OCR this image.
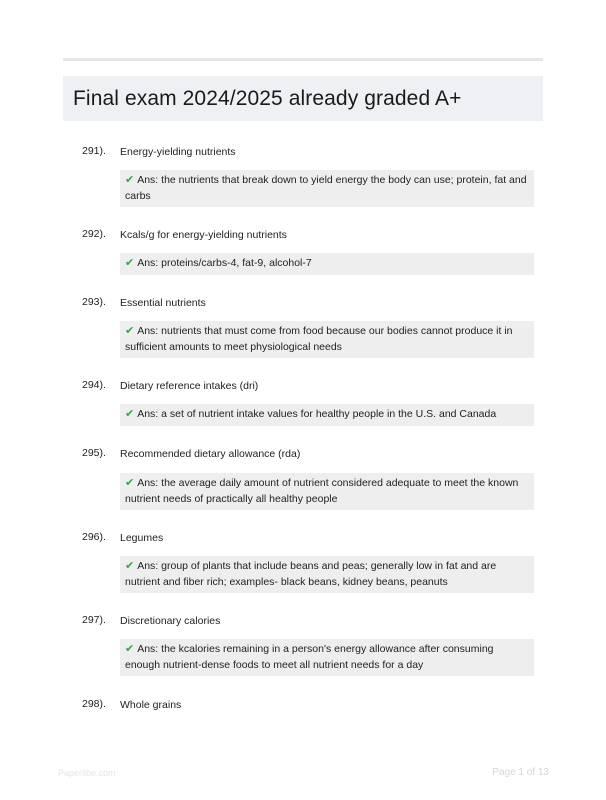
Final exam 2024/2025 already graded A+
291). Energy-yielding nutrients
✔ Ans: the nutrients that break down to yield energy the body can use; protein, fat and carbs
292). Kcals/g for energy-yielding nutrients
✔ Ans: proteins/carbs-4, fat-9, alcohol-7
293). Essential nutrients
✔ Ans: nutrients that must come from food because our bodies cannot produce it in sufficient amounts to meet physiological needs
294). Dietary reference intakes (dri)
✔ Ans: a set of nutrient intake values for healthy people in the U.S. and Canada
295). Recommended dietary allowance (rda)
✔ Ans: the average daily amount of nutrient considered adequate to meet the known nutrient needs of practically all healthy people
296). Legumes
✔ Ans: group of plants that include beans and peas; generally low in fat and are nutrient and fiber rich; examples- black beans, kidney beans, peanuts
297). Discretionary calories
✔ Ans: the kcalories remaining in a person's energy allowance after consuming enough nutrient-dense foods to meet all nutrient needs for a day
298). Whole grains
Paperlibe.com	Page 1 of 13
